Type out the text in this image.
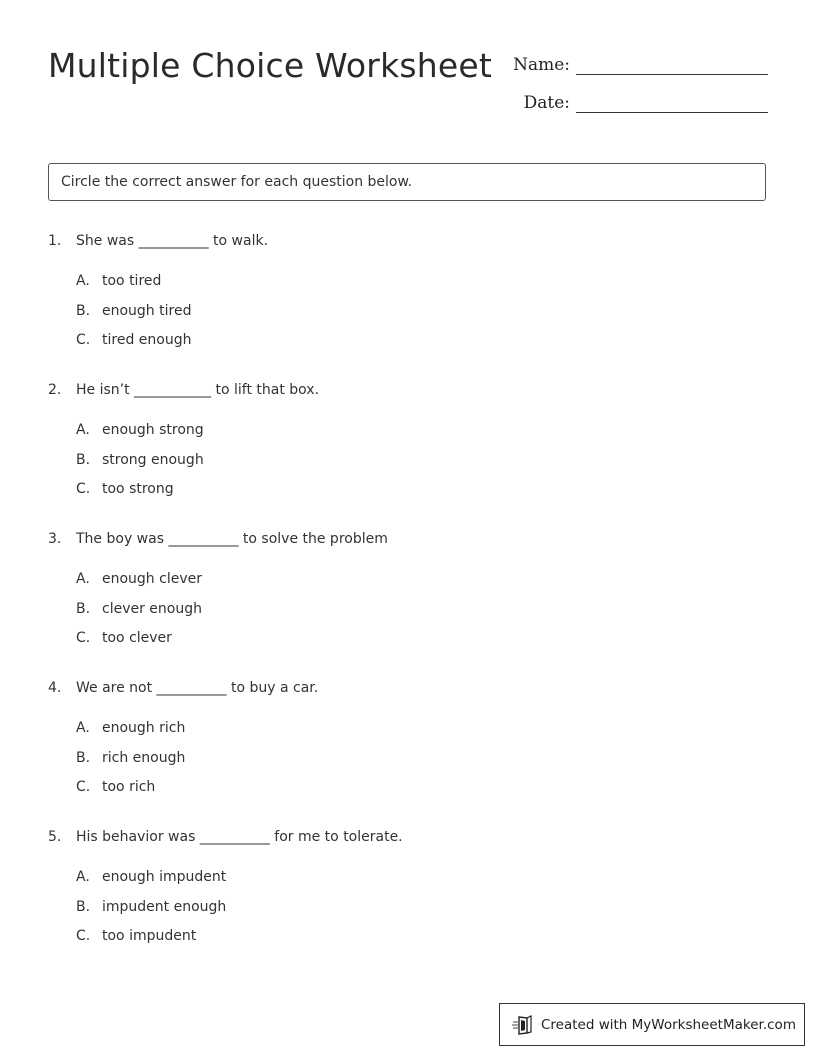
Multiple Choice Worksheet Name:
Date:
Circle the correct answer for each question below.
1.	She was __________ to walk.
A. too tired
B. enough tired
C. tired enough
2.	He isn’t ___________ to lift that box.
A. enough strong
B. strong enough
C. too strong
3.	The boy was __________ to solve the problem
A. enough clever
B. clever enough
C. too clever
4.	We are not __________ to buy a car.
A. enough rich
B. rich enough
C. too rich
5.	His behavior was __________ for me to tolerate.
A. enough impudent
B. impudent enough
C. too impudent
Created with MyWorksheetMaker.com
